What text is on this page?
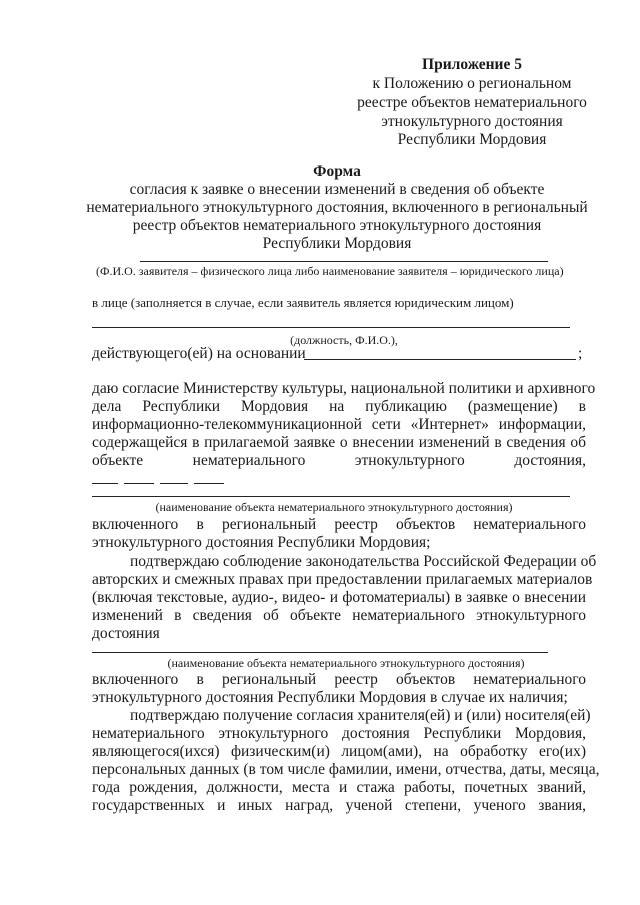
Приложение 5
к Положению о региональном
реестре объектов нематериального
этнокультурного достояния
Республики Мордовия
Форма
согласия к заявке о внесении изменений в сведения об объекте
нематериального этнокультурного достояния, включенного в региональный
реестр объектов нематериального этнокультурного достояния
Республики Мордовия
(Ф.И.О. заявителя – физического лица либо наименование заявителя – юридического лица)
в лице (заполняется в случае, если заявитель является юридическим лицом)
(должность, Ф.И.О.),
действующего(ей) на основании	;
даю согласие Министерству культуры, национальной политики и архивного
дела Республики Мордовия на публикацию (размещение) в
информационно-телекоммуникационной сети «Интернет» информации,
содержащейся в прилагаемой заявке о внесении изменений в сведения об
объекте нематериального этнокультурного достояния,
(наименование объекта нематериального этнокультурного достояния)
включенного в региональный реестр объектов нематериального
этнокультурного достояния Республики Мордовия;
подтверждаю соблюдение законодательства Российской Федерации об
авторских и смежных правах при предоставлении прилагаемых материалов
(включая текстовые, аудио-, видео- и фотоматериалы) в заявке о внесении
изменений в сведения об объекте нематериального этнокультурного
достояния
(наименование объекта нематериального этнокультурного достояния)
включенного в региональный реестр объектов нематериального
этнокультурного достояния Республики Мордовия в случае их наличия;
подтверждаю получение согласия хранителя(ей) и (или) носителя(ей)
нематериального этнокультурного достояния Республики Мордовия,
являющегося(ихся) физическим(и) лицом(ами), на обработку его(их)
персональных данных (в том числе фамилии, имени, отчества, даты, месяца,
года рождения, должности, места и стажа работы, почетных званий,
государственных и иных наград, ученой степени, ученого звания,
